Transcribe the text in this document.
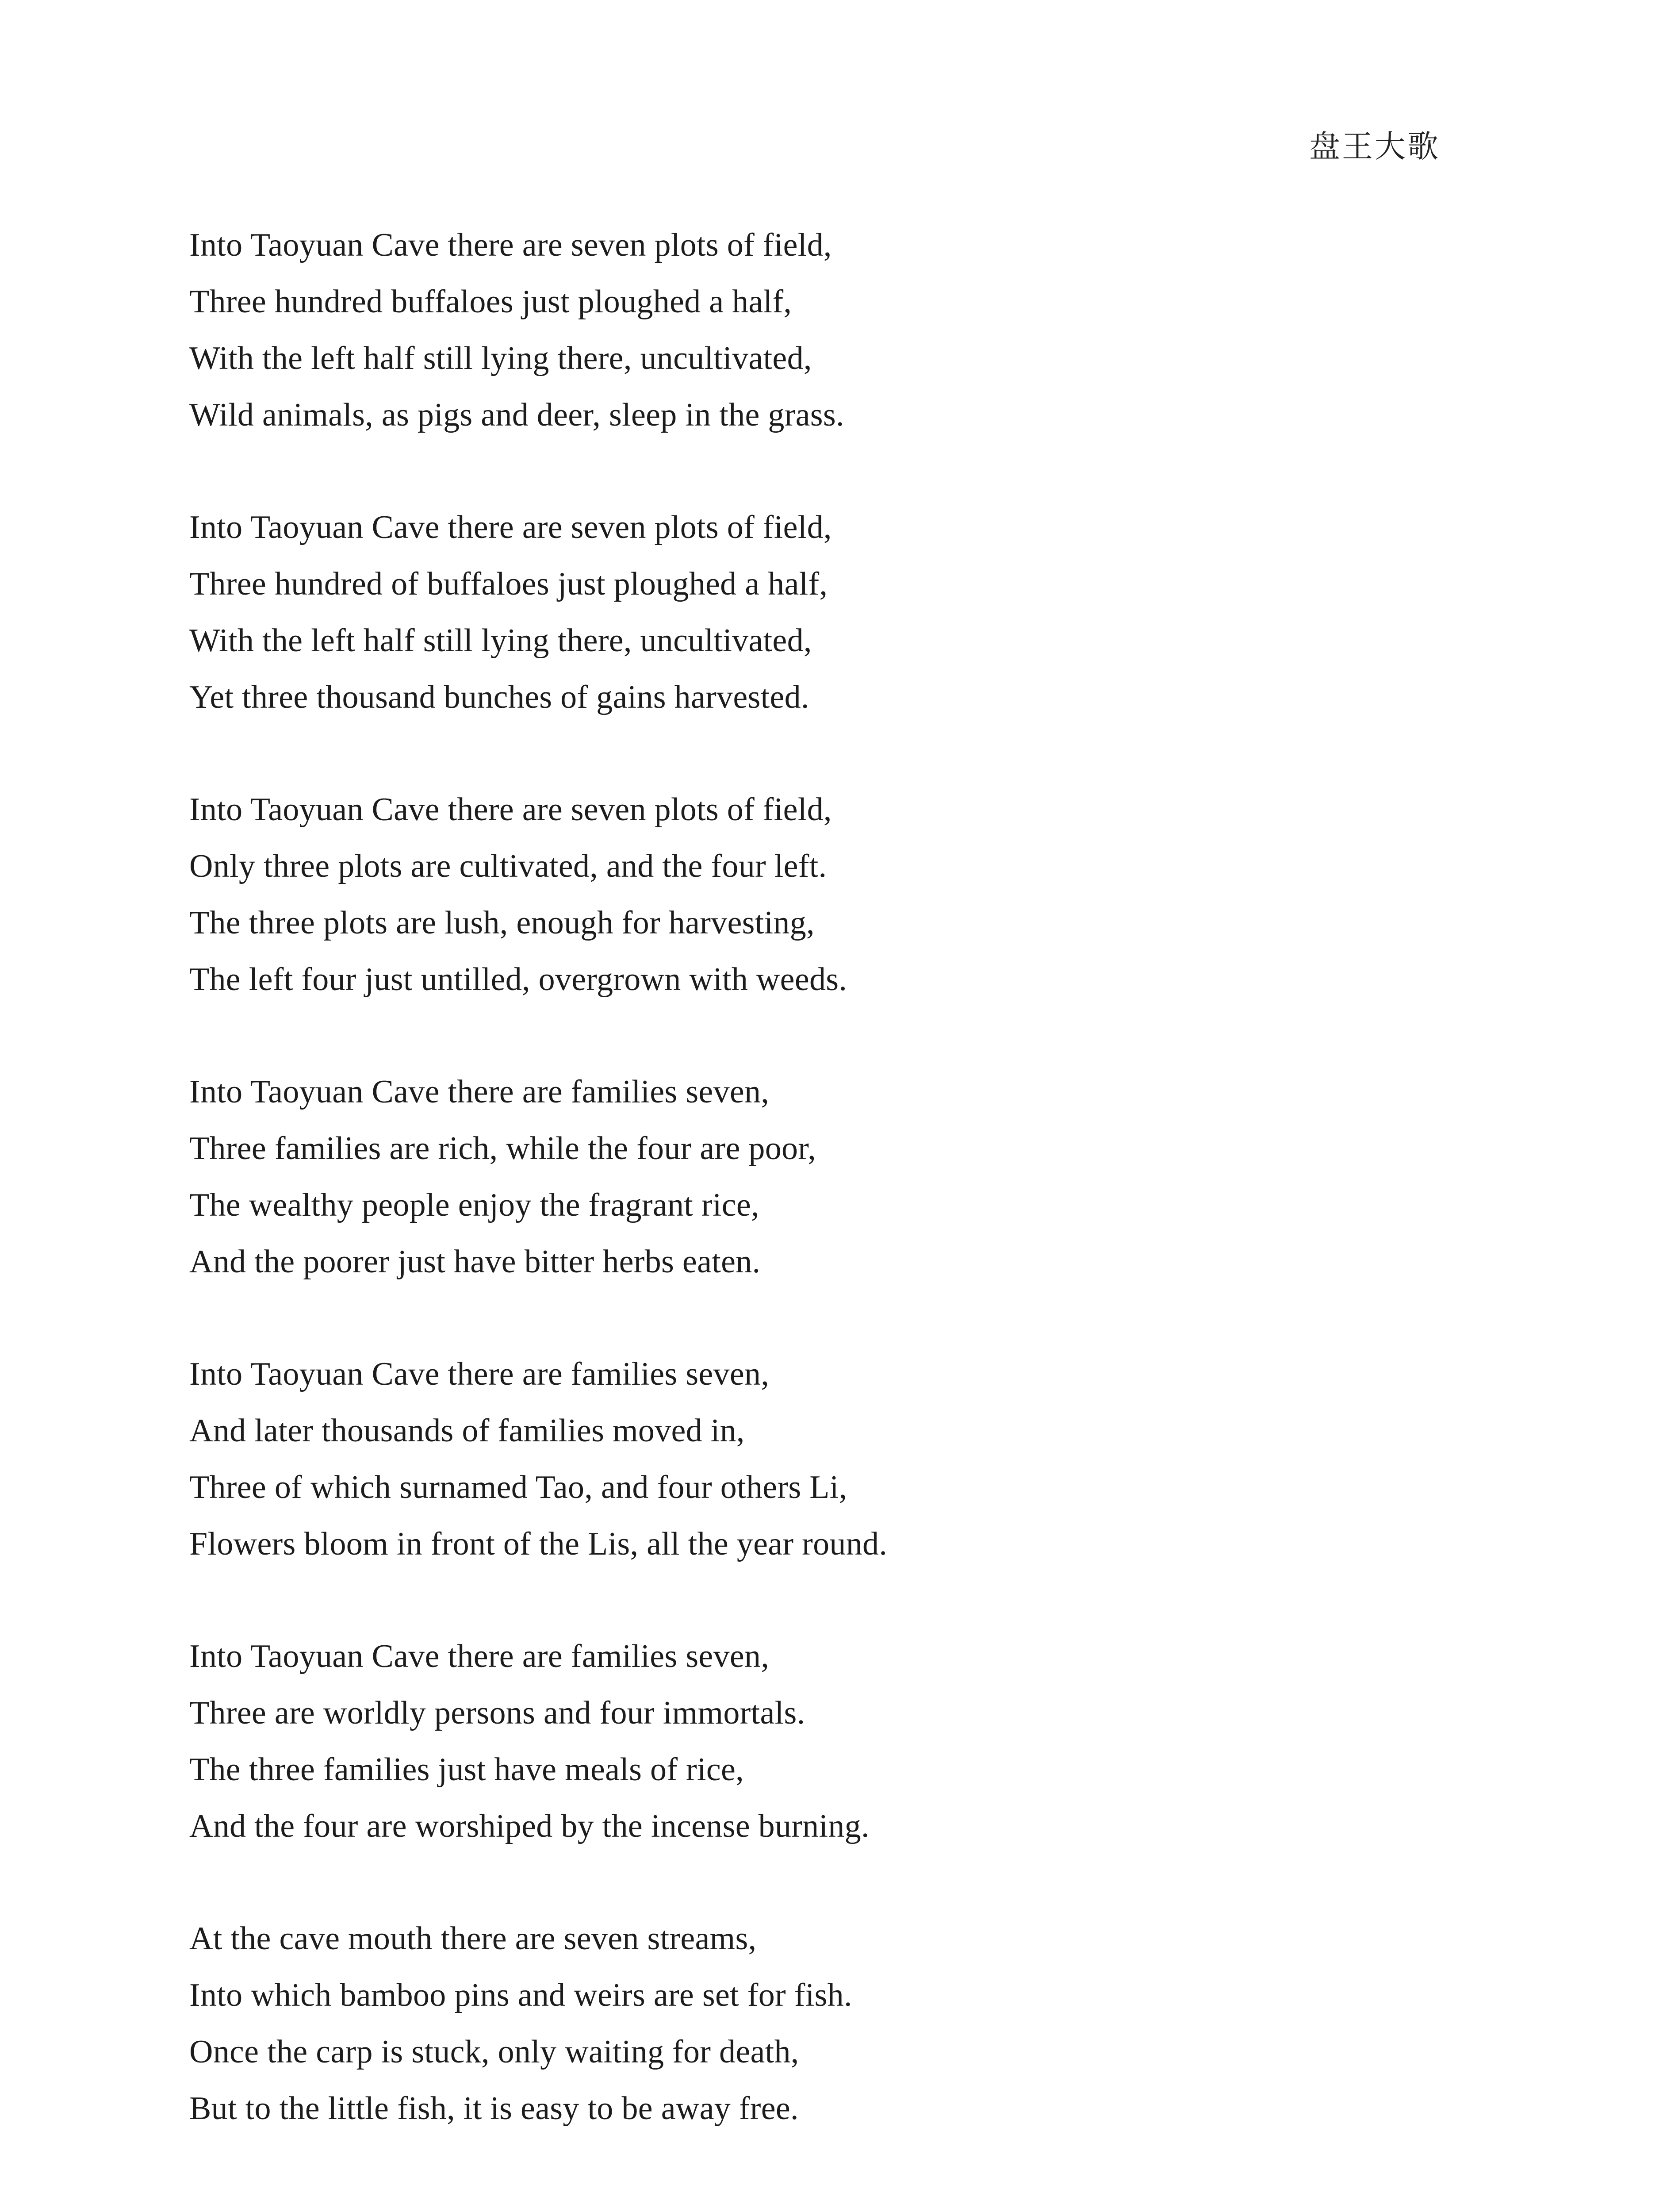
盘王大歌
Into Taoyuan Cave there are seven plots of field,
Three hundred buffaloes just ploughed a half,
With the left half still lying there, uncultivated,
Wild animals, as pigs and deer, sleep in the grass.
Into Taoyuan Cave there are seven plots of field,
Three hundred of buffaloes just ploughed a half,
With the left half still lying there, uncultivated,
Yet three thousand bunches of gains harvested.
Into Taoyuan Cave there are seven plots of field,
Only three plots are cultivated, and the four left.
The three plots are lush, enough for harvesting,
The left four just untilled, overgrown with weeds.
Into Taoyuan Cave there are families seven,
Three families are rich, while the four are poor,
The wealthy people enjoy the fragrant rice,
And the poorer just have bitter herbs eaten.
Into Taoyuan Cave there are families seven,
And later thousands of families moved in,
Three of which surnamed Tao, and four others Li,
Flowers bloom in front of the Lis, all the year round.
Into Taoyuan Cave there are families seven,
Three are worldly persons and four immortals.
The three families just have meals of rice,
And the four are worshiped by the incense burning.
At the cave mouth there are seven streams,
Into which bamboo pins and weirs are set for fish.
Once the carp is stuck, only waiting for death,
But to the little fish, it is easy to be away free.
